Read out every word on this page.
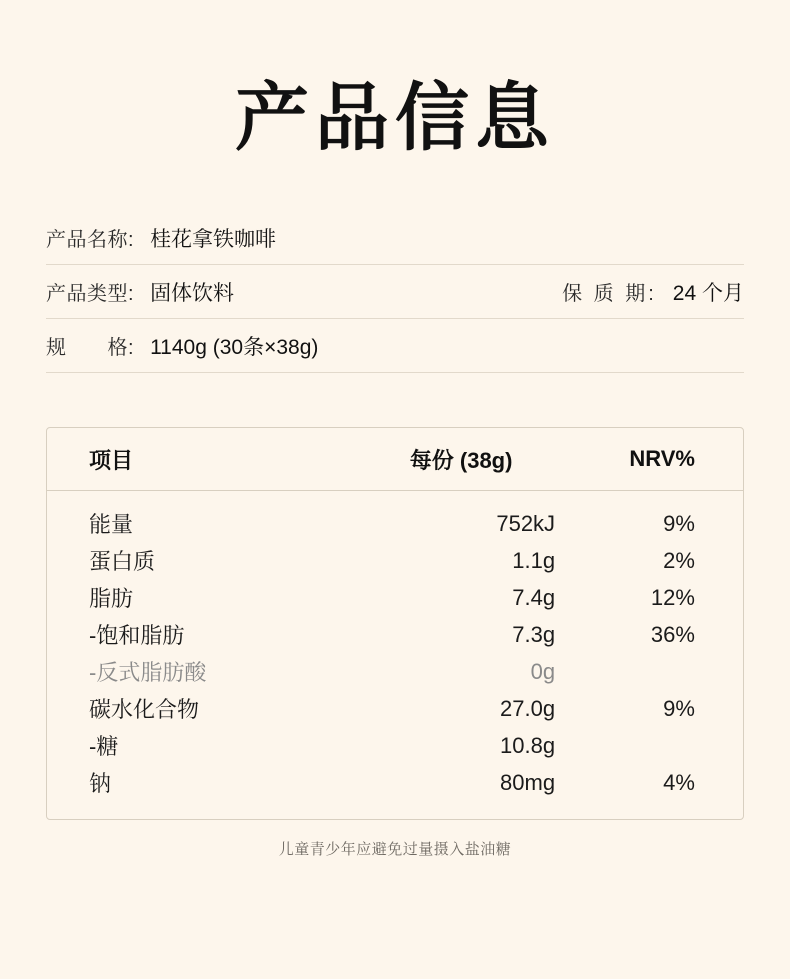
产品信息
产品名称: 桂花拿铁咖啡
产品类型: 固体饮料	保 质 期: 24 个月
规　　格: 1140g (30条×38g)
项目	每份 (38g)	NRV%
能量	752kJ	9%
蛋白质	1.1g	2%
脂肪	7.4g	12%
-饱和脂肪	7.3g	36%
-反式脂肪酸	0g
碳水化合物	27.0g	9%
-糖	10.8g
钠	80mg	4%
儿童青少年应避免过量摄入盐油糖
